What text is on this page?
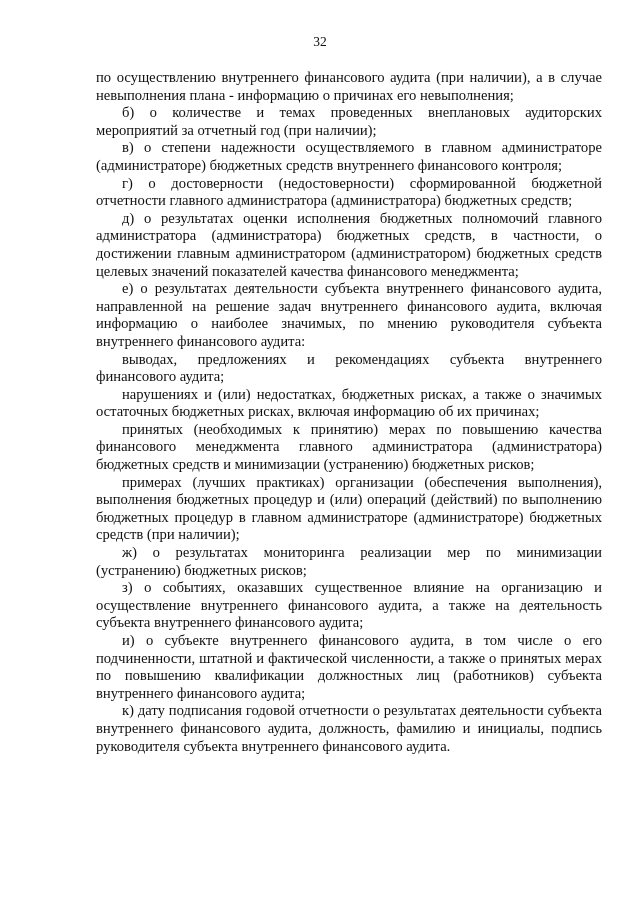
32

по осуществлению внутреннего финансового аудита (при наличии), а в случае невыполнения плана - информацию о причинах его невыполнения;

б) о количестве и темах проведенных внеплановых аудиторских мероприятий за отчетный год (при наличии);

в) о степени надежности осуществляемого в главном администраторе (администраторе) бюджетных средств внутреннего финансового контроля;

г) о достоверности (недостоверности) сформированной бюджетной отчетности главного администратора (администратора) бюджетных средств;

д) о результатах оценки исполнения бюджетных полномочий главного администратора (администратора) бюджетных средств, в частности, о достижении главным администратором (администратором) бюджетных средств целевых значений показателей качества финансового менеджмента;

е) о результатах деятельности субъекта внутреннего финансового аудита, направленной на решение задач внутреннего финансового аудита, включая информацию о наиболее значимых, по мнению руководителя субъекта внутреннего финансового аудита:

выводах, предложениях и рекомендациях субъекта внутреннего финансового аудита;

нарушениях и (или) недостатках, бюджетных рисках, а также о значимых остаточных бюджетных рисках, включая информацию об их причинах;

принятых (необходимых к принятию) мерах по повышению качества финансового менеджмента главного администратора (администратора) бюджетных средств и минимизации (устранению) бюджетных рисков;

примерах (лучших практиках) организации (обеспечения выполнения), выполнения бюджетных процедур и (или) операций (действий) по выполнению бюджетных процедур в главном администраторе (администраторе) бюджетных средств (при наличии);

ж) о результатах мониторинга реализации мер по минимизации (устранению) бюджетных рисков;

з) о событиях, оказавших существенное влияние на организацию и осуществление внутреннего финансового аудита, а также на деятельность субъекта внутреннего финансового аудита;

и) о субъекте внутреннего финансового аудита, в том числе о его подчиненности, штатной и фактической численности, а также о принятых мерах по повышению квалификации должностных лиц (работников) субъекта внутреннего финансового аудита;

к) дату подписания годовой отчетности о результатах деятельности субъекта внутреннего финансового аудита, должность, фамилию и инициалы, подпись руководителя субъекта внутреннего финансового аудита.
